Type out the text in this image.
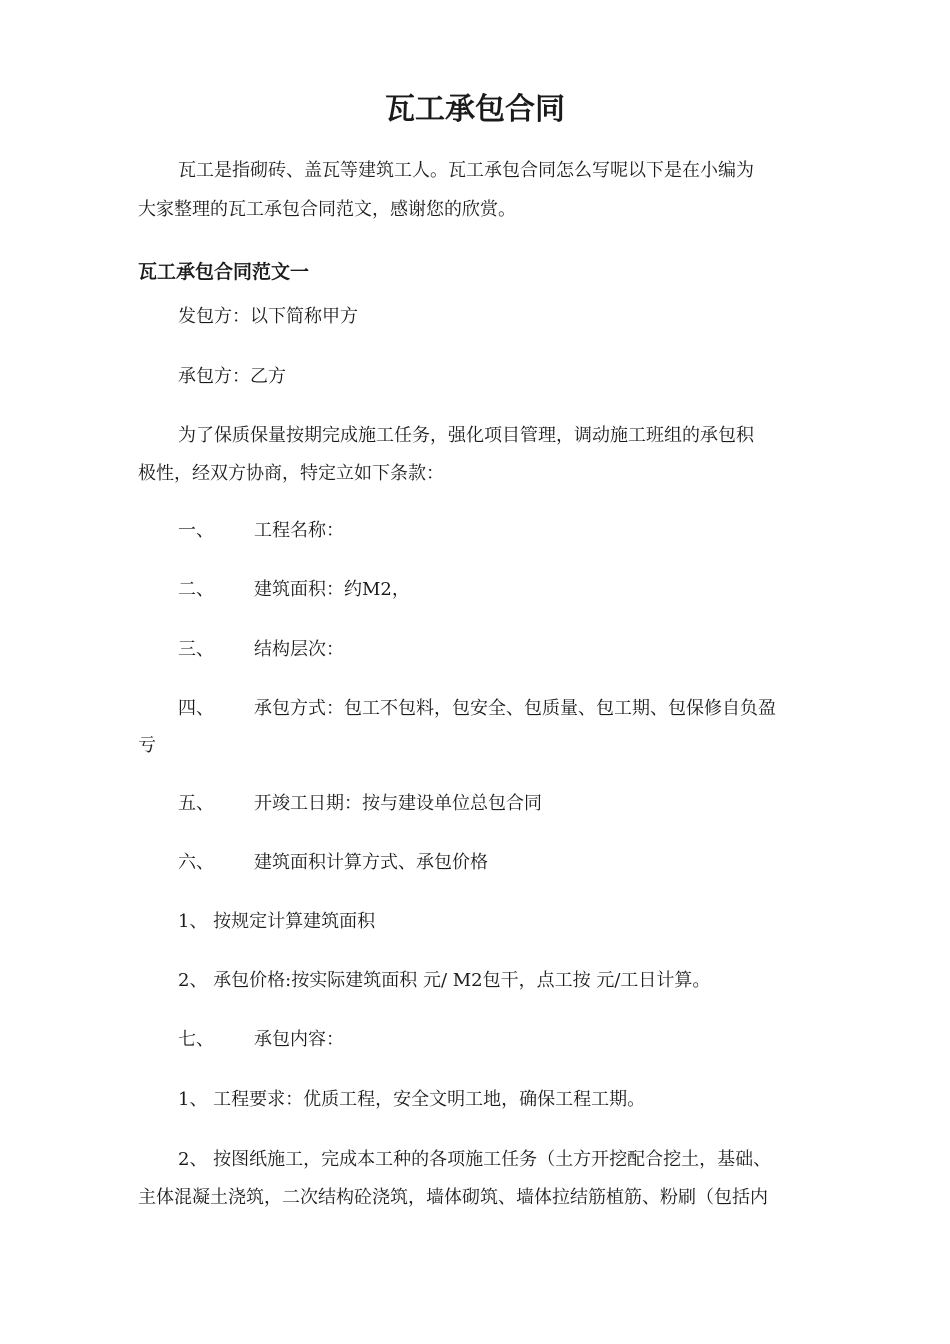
瓦工承包合同

瓦工是指砌砖、盖瓦等建筑工人。瓦工承包合同怎么写呢以下是在小编为

大家整理的瓦工承包合同范文，感谢您的欣赏。

瓦工承包合同范文一

发包方：以下简称甲方

承包方：乙方

为了保质保量按期完成施工任务，强化项目管理，调动施工班组的承包积

极性，经双方协商，特定立如下条款：

一、 工程名称：

二、 建筑面积：约M2，

三、 结构层次：

四、 承包方式：包工不包料，包安全、包质量、包工期、包保修自负盈

亏

五、 开竣工日期：按与建设单位总包合同

六、 建筑面积计算方式、承包价格

1、 按规定计算建筑面积

2、 承包价格:按实际建筑面积 元/ M2包干，点工按 元/工日计算。

七、 承包内容：

1、 工程要求：优质工程，安全文明工地，确保工程工期。

2、 按图纸施工，完成本工种的各项施工任务（土方开挖配合挖土，基础、

主体混凝土浇筑，二次结构砼浇筑，墙体砌筑、墙体拉结筋植筋、粉刷（包括内
